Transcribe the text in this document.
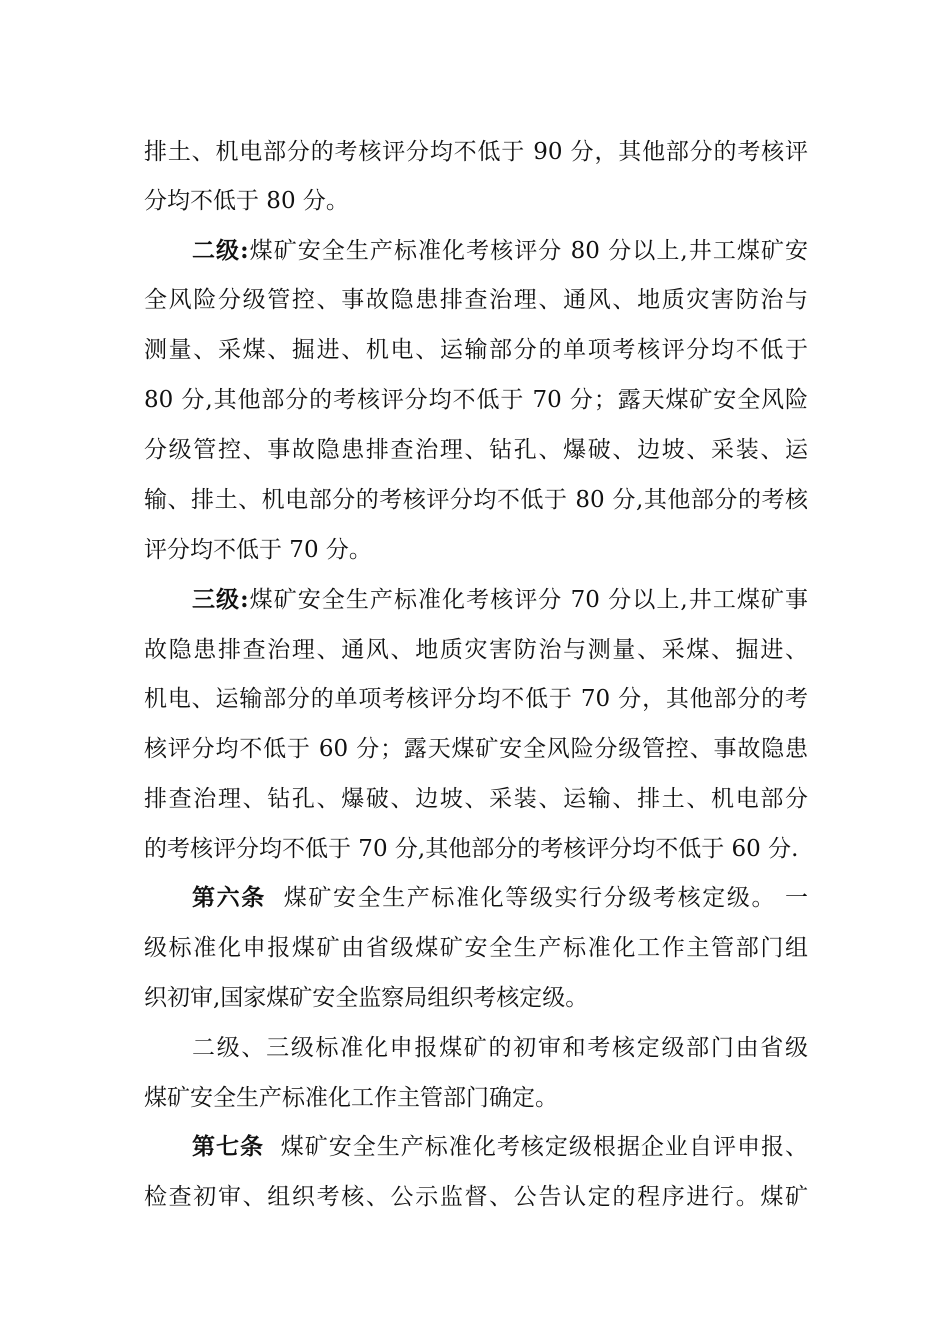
排土、机电部分的考核评分均不低于 90 分，其他部分的考核评
分均不低于 80 分。
二级:煤矿安全生产标准化考核评分 80 分以上,井工煤矿安
全风险分级管控、事故隐患排查治理、通风、地质灾害防治与
测量、采煤、掘进、机电、运输部分的单项考核评分均不低于
80 分,其他部分的考核评分均不低于 70 分；露天煤矿安全风险
分级管控、事故隐患排查治理、钻孔、爆破、边坡、采装、运
输、排土、机电部分的考核评分均不低于 80 分,其他部分的考核
评分均不低于 70 分。
三级:煤矿安全生产标准化考核评分 70 分以上,井工煤矿事
故隐患排查治理、通风、地质灾害防治与测量、采煤、掘进、
机电、运输部分的单项考核评分均不低于 70 分，其他部分的考
核评分均不低于 60 分；露天煤矿安全风险分级管控、事故隐患
排查治理、钻孔、爆破、边坡、采装、运输、排土、机电部分
的考核评分均不低于 70 分,其他部分的考核评分均不低于 60 分.
第六条 煤矿安全生产标准化等级实行分级考核定级。 一
级标准化申报煤矿由省级煤矿安全生产标准化工作主管部门组
织初审,国家煤矿安全监察局组织考核定级。
二级、三级标准化申报煤矿的初审和考核定级部门由省级
煤矿安全生产标准化工作主管部门确定。
第七条 煤矿安全生产标准化考核定级根据企业自评申报、
检查初审、组织考核、公示监督、公告认定的程序进行。煤矿
